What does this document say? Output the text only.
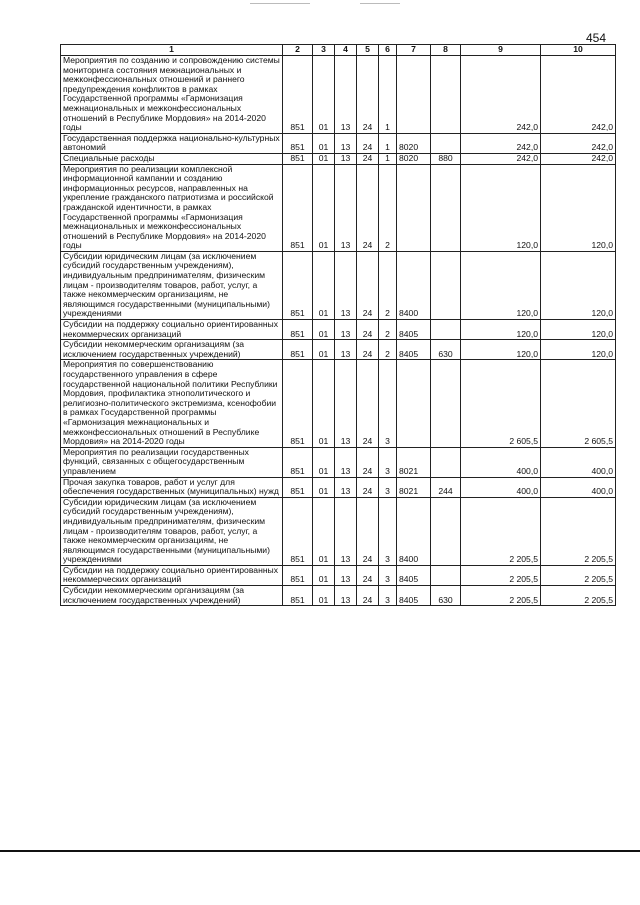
454
1	2	3	4	5	6	7	8	9	10
Мероприятия по созданию и сопровождению системы мониторинга состояния межнациональных и межконфессиональных отношений и раннего предупреждения конфликтов в рамках Государственной программы «Гармонизация межнациональных и межконфессиональных отношений в Республике Мордовия» на 2014-2020 годы	851	01	13	24	1			242,0	242,0
Государственная поддержка национально-культурных автономий	851	01	13	24	1	8020		242,0	242,0
Специальные расходы	851	01	13	24	1	8020	880	242,0	242,0
Мероприятия по реализации комплексной информационной кампании и созданию информационных ресурсов, направленных на укрепление гражданского патриотизма и российской гражданской идентичности, в рамках Государственной программы «Гармонизация межнациональных и межконфессиональных отношений в Республике Мордовия» на 2014-2020 годы	851	01	13	24	2			120,0	120,0
Субсидии юридическим лицам (за исключением субсидий государственным учреждениям), индивидуальным предпринимателям, физическим лицам - производителям товаров, работ, услуг, а также некоммерческим организациям, не являющимся государственными (муниципальными) учреждениями	851	01	13	24	2	8400		120,0	120,0
Субсидии на поддержку социально ориентированных некоммерческих организаций	851	01	13	24	2	8405		120,0	120,0
Субсидии некоммерческим организациям (за исключением государственных учреждений)	851	01	13	24	2	8405	630	120,0	120,0
Мероприятия по совершенствованию государственного управления в сфере государственной национальной политики Республики Мордовия, профилактика этнополитического и религиозно-политического экстремизма, ксенофобии в рамках Государственной программы «Гармонизация межнациональных и межконфессиональных отношений в Республике Мордовия» на 2014-2020 годы	851	01	13	24	3			2 605,5	2 605,5
Мероприятия по реализации государственных функций, связанных с общегосударственным управлением	851	01	13	24	3	8021		400,0	400,0
Прочая закупка товаров, работ и услуг для обеспечения государственных (муниципальных) нужд	851	01	13	24	3	8021	244	400,0	400,0
Субсидии юридическим лицам (за исключением субсидий государственным учреждениям), индивидуальным предпринимателям, физическим лицам - производителям товаров, работ, услуг, а также некоммерческим организациям, не являющимся государственными (муниципальными) учреждениями	851	01	13	24	3	8400		2 205,5	2 205,5
Субсидии на поддержку социально ориентированных некоммерческих организаций	851	01	13	24	3	8405		2 205,5	2 205,5
Субсидии некоммерческим организациям (за исключением государственных учреждений)	851	01	13	24	3	8405	630	2 205,5	2 205,5
